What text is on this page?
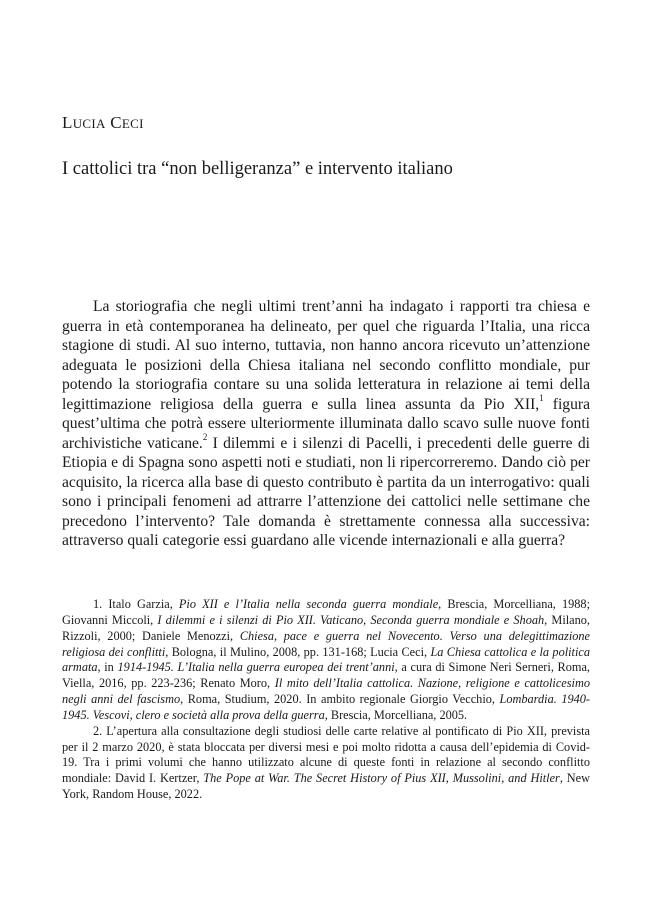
LUCIA CECI
I cattolici tra “non belligeranza” e intervento italiano

La storiografia che negli ultimi trent’anni ha indagato i rapporti tra chiesa e guerra in età contemporanea ha delineato, per quel che riguarda l’Italia, una ricca stagione di studi. Al suo interno, tuttavia, non hanno ancora ricevuto un’attenzione adeguata le posizioni della Chiesa italiana nel secondo conflitto mondiale, pur potendo la storiografia contare su una solida letteratura in relazione ai temi della legittimazione religiosa della guerra e sulla linea assunta da Pio XII,$^1$ figura quest’ultima che potrà essere ulteriormente illuminata dallo scavo sulle nuove fonti archivistiche vaticane.$^2$ I dilemmi e i silenzi di Pacelli, i precedenti delle guerre di Etiopia e di Spagna sono aspetti noti e studiati, non li ripercorreremo. Dando ciò per acquisito, la ricerca alla base di questo contributo è partita da un interrogativo: quali sono i principali fenomeni ad attrarre l’attenzione dei cattolici nelle settimane che precedono l’intervento? Tale domanda è strettamente connessa alla successiva: attraverso quali categorie essi guardano alle vicende internazionali e alla guerra?

1. Italo Garzia, Pio XII e l’Italia nella seconda guerra mondiale, Brescia, Morcelliana, 1988; Giovanni Miccoli, I dilemmi e i silenzi di Pio XII. Vaticano, Seconda guerra mondiale e Shoah, Milano, Rizzoli, 2000; Daniele Menozzi, Chiesa, pace e guerra nel Novecento. Verso una delegittimazione religiosa dei conflitti, Bologna, il Mulino, 2008, pp. 131-168; Lucia Ceci, La Chiesa cattolica e la politica armata, in 1914-1945. L’Italia nella guerra europea dei trent’anni, a cura di Simone Neri Serneri, Roma, Viella, 2016, pp. 223-236; Renato Moro, Il mito dell’Italia cattolica. Nazione, religione e cattolicesimo negli anni del fascismo, Roma, Studium, 2020. In ambito regionale Giorgio Vecchio, Lombardia. 1940-1945. Vescovi, clero e società alla prova della guerra, Brescia, Morcelliana, 2005.

2. L’apertura alla consultazione degli studiosi delle carte relative al pontificato di Pio XII, prevista per il 2 marzo 2020, è stata bloccata per diversi mesi e poi molto ridotta a causa dell’epidemia di Covid-19. Tra i primi volumi che hanno utilizzato alcune di queste fonti in relazione al secondo conflitto mondiale: David I. Kertzer, The Pope at War. The Secret History of Pius XII, Mussolini, and Hitler, New York, Random House, 2022.
